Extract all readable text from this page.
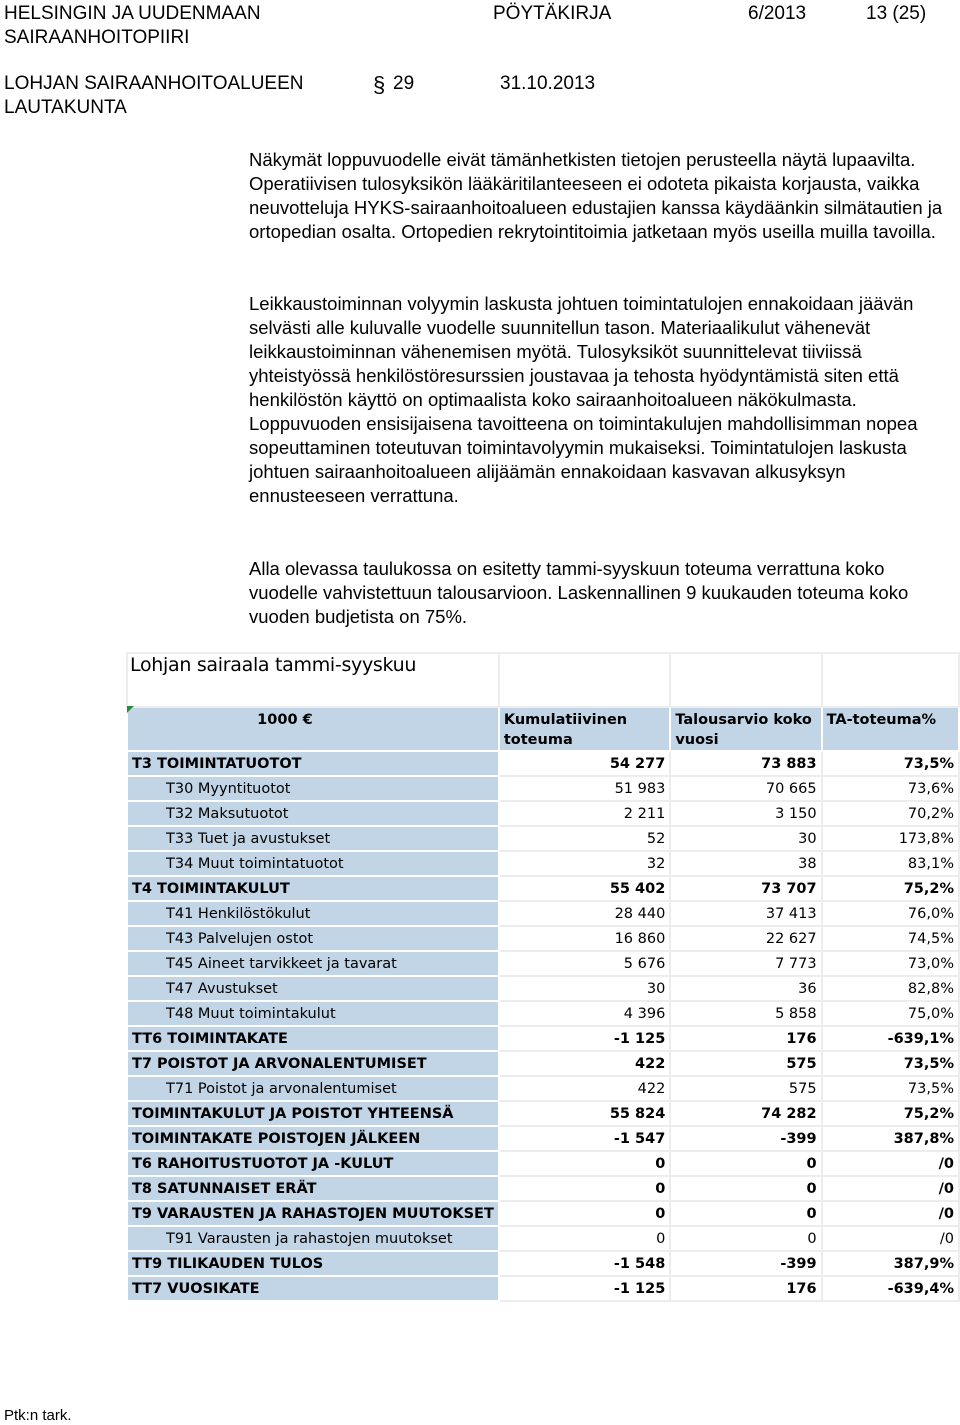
HELSINGIN JA UUDENMAAN
SAIRAANHOITOPIIRI
PÖYTÄKIRJA	6/2013	13 (25)
LOHJAN SAIRAANHOITOALUEEN
LAUTAKUNTA
§ 29	31.10.2013

Näkymät loppuvuodelle eivät tämänhetkisten tietojen perusteella näytä lupaavilta. Operatiivisen tulosyksikön lääkäritilanteeseen ei odoteta pikaista korjausta, vaikka neuvotteluja HYKS-sairaanhoitoalueen edustajien kanssa käydäänkin silmätautien ja ortopedian osalta. Ortopedien rekrytointitoimia jatketaan myös useilla muilla tavoilla.

Leikkaustoiminnan volyymin laskusta johtuen toimintatulojen ennakoidaan jäävän selvästi alle kuluvalle vuodelle suunnitellun tason. Materiaalikulut vähenevät leikkaustoiminnan vähenemisen myötä. Tulosyksiköt suunnittelevat tiiviissä yhteistyössä henkilöstöresurssien joustavaa ja tehosta hyödyntämistä siten että henkilöstön käyttö on optimaalista koko sairaanhoitoalueen näkökulmasta. Loppuvuoden ensisijaisena tavoitteena on toimintakulujen mahdollisimman nopea sopeuttaminen toteutuvan toimintavolyymin mukaiseksi. Toimintatulojen laskusta johtuen sairaanhoitoalueen alijäämän ennakoidaan kasvavan alkusyksyn ennusteeseen verrattuna.

Alla olevassa taulukossa on esitetty tammi-syyskuun toteuma verrattuna koko vuodelle vahvistettuun talousarvioon. Laskennallinen 9 kuukauden toteuma koko vuoden budjetista on 75%.

Lohjan sairaala tammi-syyskuu

1000 €	Kumulatiivinen toteuma	Talousarvio koko vuosi	TA-toteuma%
T3 TOIMINTATUOTOT	54 277	73 883	73,5%
T30 Myyntituotot	51 983	70 665	73,6%
T32 Maksutuotot	2 211	3 150	70,2%
T33 Tuet ja avustukset	52	30	173,8%
T34 Muut toimintatuotot	32	38	83,1%
T4 TOIMINTAKULUT	55 402	73 707	75,2%
T41 Henkilöstökulut	28 440	37 413	76,0%
T43 Palvelujen ostot	16 860	22 627	74,5%
T45 Aineet tarvikkeet ja tavarat	5 676	7 773	73,0%
T47 Avustukset	30	36	82,8%
T48 Muut toimintakulut	4 396	5 858	75,0%
TT6 TOIMINTAKATE	-1 125	176	-639,1%
T7 POISTOT JA ARVONALENTUMISET	422	575	73,5%
T71 Poistot ja arvonalentumiset	422	575	73,5%
TOIMINTAKULUT JA POISTOT YHTEENSÄ	55 824	74 282	75,2%
TOIMINTAKATE POISTOJEN JÄLKEEN	-1 547	-399	387,8%
T6 RAHOITUSTUOTOT JA -KULUT	0	0	/0
T8 SATUNNAISET ERÄT	0	0	/0
T9 VARAUSTEN JA RAHASTOJEN MUUTOKSET	0	0	/0
T91 Varausten ja rahastojen muutokset	0	0	/0
TT9 TILIKAUDEN TULOS	-1 548	-399	387,9%
TT7 VUOSIKATE	-1 125	176	-639,4%
Ptk:n tark.
